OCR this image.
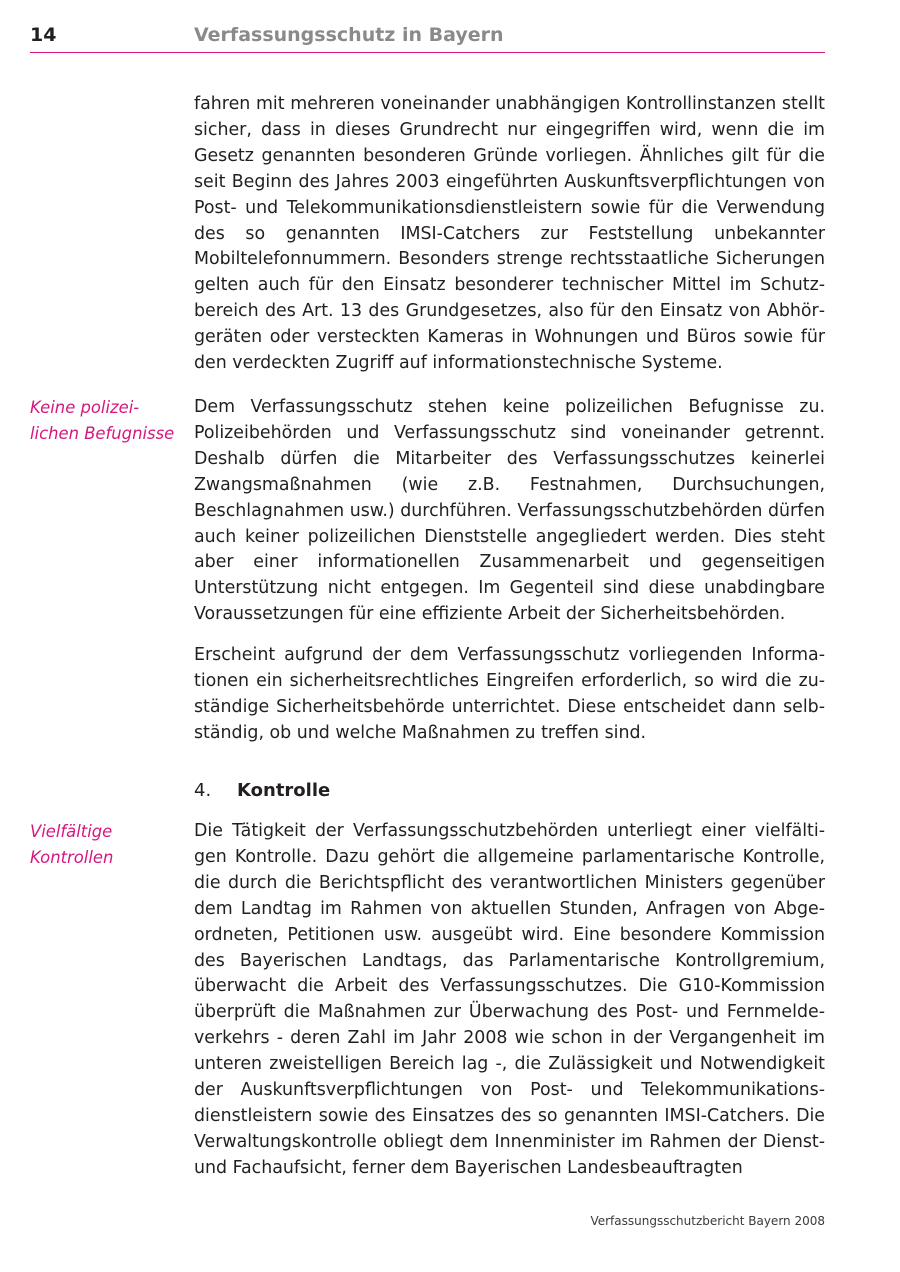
14	Verfassungsschutz in Bayern

fahren mit mehreren voneinander unabhängigen Kontrollinstanzen stellt sicher, dass in dieses Grundrecht nur eingegriffen wird, wenn die im Gesetz genannten besonderen Gründe vorliegen. Ähnliches gilt für die seit Beginn des Jahres 2003 eingeführten Auskunftsverpflichtungen von Post- und Telekommunikationsdienstleistern sowie für die Verwendung des so genannten IMSI-Catchers zur Feststellung unbekannter Mobiltelefonnummern. Besonders strenge rechtsstaatliche Sicherungen gelten auch für den Einsatz besonderer technischer Mittel im Schutzbereich des Art. 13 des Grundgesetzes, also für den Einsatz von Abhörgeräten oder versteckten Kameras in Wohnungen und Büros sowie für den verdeckten Zugriff auf informationstechnische Systeme.

Keine polizei-
lichen Befugnisse

Dem Verfassungsschutz stehen keine polizeilichen Befugnisse zu. Polizeibehörden und Verfassungsschutz sind voneinander getrennt. Deshalb dürfen die Mitarbeiter des Verfassungsschutzes keinerlei Zwangsmaßnahmen (wie z.B. Festnahmen, Durchsuchungen, Beschlagnahmen usw.) durchführen. Verfassungsschutzbehörden dürfen auch keiner polizeilichen Dienststelle angegliedert werden. Dies steht aber einer informationellen Zusammenarbeit und gegenseitigen Unterstützung nicht entgegen. Im Gegenteil sind diese unabdingbare Voraussetzungen für eine effiziente Arbeit der Sicherheitsbehörden.

Erscheint aufgrund der dem Verfassungsschutz vorliegenden Informationen ein sicherheitsrechtliches Eingreifen erforderlich, so wird die zuständige Sicherheitsbehörde unterrichtet. Diese entscheidet dann selbständig, ob und welche Maßnahmen zu treffen sind.

4. Kontrolle
Vielfältige
Kontrollen

Die Tätigkeit der Verfassungsschutzbehörden unterliegt einer vielfältigen Kontrolle. Dazu gehört die allgemeine parlamentarische Kontrolle, die durch die Berichtspflicht des verantwortlichen Ministers gegenüber dem Landtag im Rahmen von aktuellen Stunden, Anfragen von Abgeordneten, Petitionen usw. ausgeübt wird. Eine besondere Kommission des Bayerischen Landtags, das Parlamentarische Kontrollgremium, überwacht die Arbeit des Verfassungsschutzes. Die G10-Kommission überprüft die Maßnahmen zur Überwachung des Post- und Fernmeldeverkehrs - deren Zahl im Jahr 2008 wie schon in der Vergangenheit im unteren zweistelligen Bereich lag -, die Zulässigkeit und Notwendigkeit der Auskunftsverpflichtungen von Post- und Telekommunikationsdienstleistern sowie des Einsatzes des so genannten IMSI-Catchers. Die Verwaltungskontrolle obliegt dem Innenminister im Rahmen der Dienst- und Fachaufsicht, ferner dem Bayerischen Landesbeauftragten

Verfassungsschutzbericht Bayern 2008
